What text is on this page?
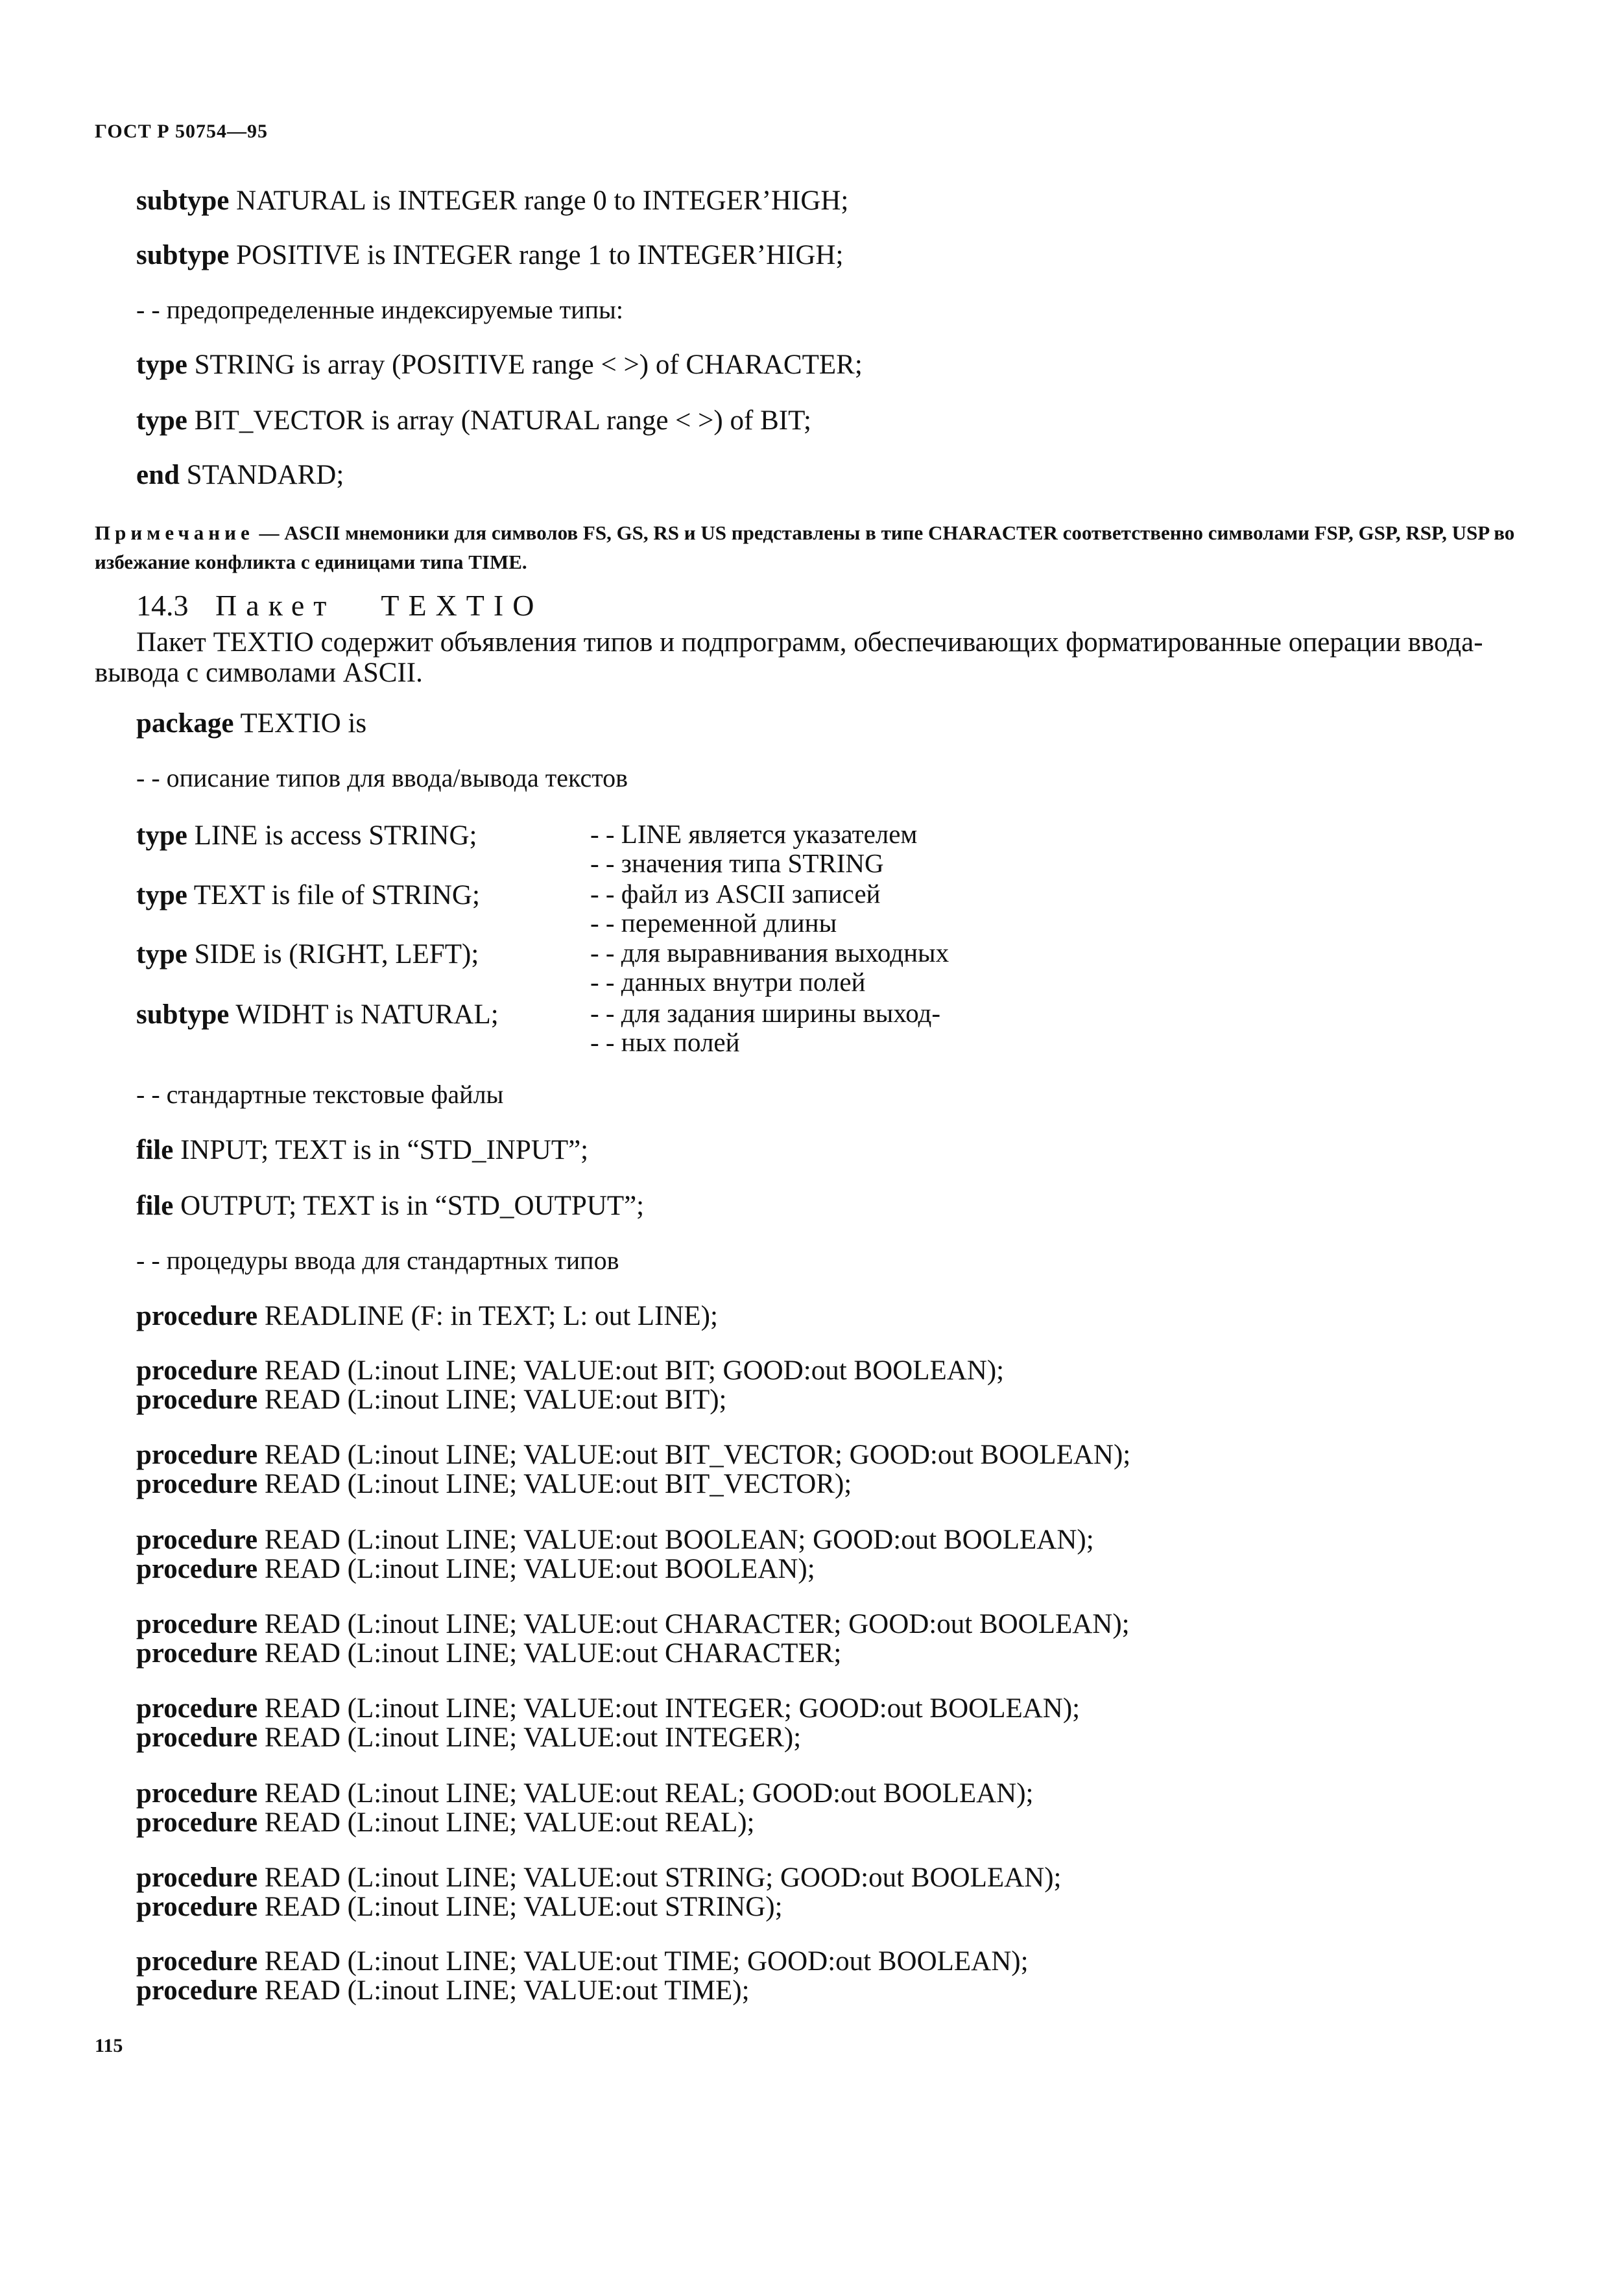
ГОСТ Р 50754—95
subtype NATURAL is INTEGER range 0 to INTEGER’HIGH;
subtype POSITIVE is INTEGER range 1 to INTEGER’HIGH;
- - предопределенные индексируемые типы:
type STRING is array (POSITIVE range < >) of CHARACTER;
type BIT_VECTOR is array (NATURAL range < >) of BIT;
end STANDARD;
Примечание — ASCII мнемоники для символов FS, GS, RS и US представлены в типе CHARACTER соответственно символами FSP, GSP, RSP, USP во избежание конфликта с единицами типа TIME.
14.3 Пакет TEXTIO
Пакет TEXTIO содержит объявления типов и подпрограмм, обеспечивающих форматированные операции ввода-вывода с символами ASCII.
package TEXTIO is
- - описание типов для ввода/вывода текстов
type LINE is access STRING;	- - LINE является указателем
- - значения типа STRING
type TEXT is file of STRING;	- - файл из ASCII записей
- - переменной длины
type SIDE is (RIGHT, LEFT);	- - для выравнивания выходных
- - данных внутри полей
subtype WIDHT is NATURAL;	- - для задания ширины выход-
- - ных полей
- - стандартные текстовые файлы
file INPUT; TEXT is in “STD_INPUT”;
file OUTPUT; TEXT is in “STD_OUTPUT”;
- - процедуры ввода для стандартных типов
procedure READLINE (F: in TEXT; L: out LINE);
procedure READ (L:inout LINE; VALUE:out BIT; GOOD:out BOOLEAN);
procedure READ (L:inout LINE; VALUE:out BIT);
procedure READ (L:inout LINE; VALUE:out BIT_VECTOR; GOOD:out BOOLEAN);
procedure READ (L:inout LINE; VALUE:out BIT_VECTOR);
procedure READ (L:inout LINE; VALUE:out BOOLEAN; GOOD:out BOOLEAN);
procedure READ (L:inout LINE; VALUE:out BOOLEAN);
procedure READ (L:inout LINE; VALUE:out CHARACTER; GOOD:out BOOLEAN);
procedure READ (L:inout LINE; VALUE:out CHARACTER;
procedure READ (L:inout LINE; VALUE:out INTEGER; GOOD:out BOOLEAN);
procedure READ (L:inout LINE; VALUE:out INTEGER);
procedure READ (L:inout LINE; VALUE:out REAL; GOOD:out BOOLEAN);
procedure READ (L:inout LINE; VALUE:out REAL);
procedure READ (L:inout LINE; VALUE:out STRING; GOOD:out BOOLEAN);
procedure READ (L:inout LINE; VALUE:out STRING);
procedure READ (L:inout LINE; VALUE:out TIME; GOOD:out BOOLEAN);
procedure READ (L:inout LINE; VALUE:out TIME);
115
